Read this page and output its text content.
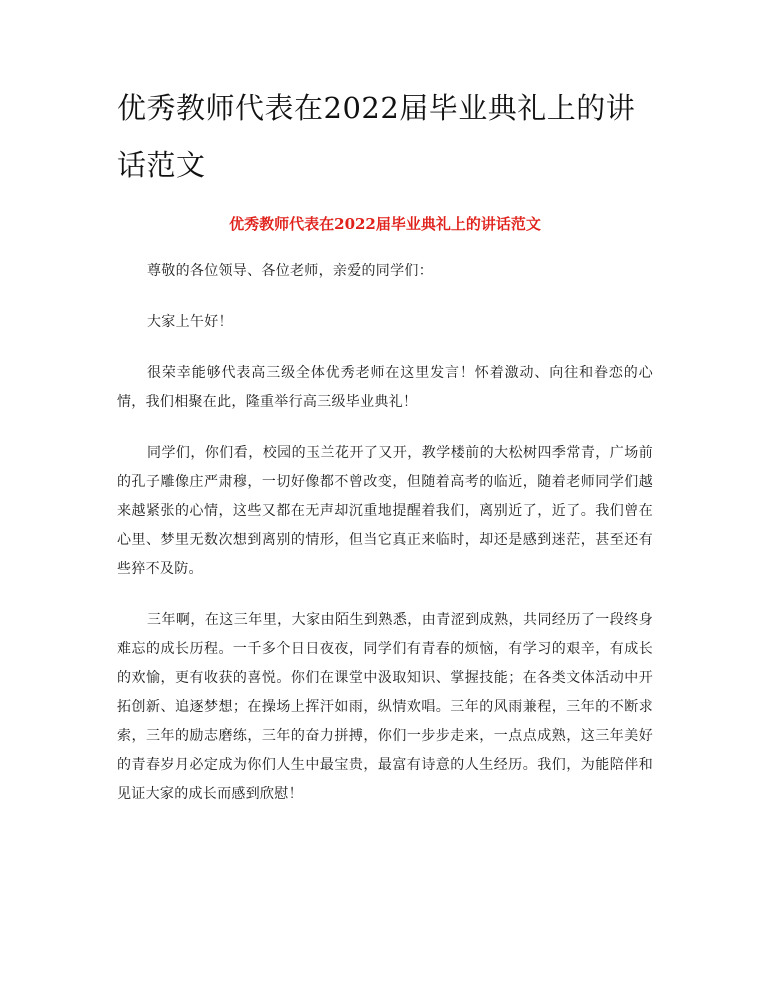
优秀教师代表在2022届毕业典礼上的讲话范文
优秀教师代表在2022届毕业典礼上的讲话范文

尊敬的各位领导、各位老师，亲爱的同学们：

大家上午好！

很荣幸能够代表高三级全体优秀老师在这里发言！怀着激动、向往和眷恋的心情，我们相聚在此，隆重举行高三级毕业典礼！

同学们，你们看，校园的玉兰花开了又开，教学楼前的大松树四季常青，广场前的孔子雕像庄严肃穆，一切好像都不曾改变，但随着高考的临近，随着老师同学们越来越紧张的心情，这些又都在无声却沉重地提醒着我们，离别近了，近了。我们曾在心里、梦里无数次想到离别的情形，但当它真正来临时，却还是感到迷茫，甚至还有些猝不及防。

三年啊，在这三年里，大家由陌生到熟悉，由青涩到成熟，共同经历了一段终身难忘的成长历程。一千多个日日夜夜，同学们有青春的烦恼，有学习的艰辛，有成长的欢愉，更有收获的喜悦。你们在课堂中汲取知识、掌握技能；在各类文体活动中开拓创新、追逐梦想；在操场上挥汗如雨，纵情欢唱。三年的风雨兼程，三年的不断求索，三年的励志磨练，三年的奋力拼搏，你们一步步走来，一点点成熟，这三年美好的青春岁月必定成为你们人生中最宝贵，最富有诗意的人生经历。我们，为能陪伴和见证大家的成长而感到欣慰！
